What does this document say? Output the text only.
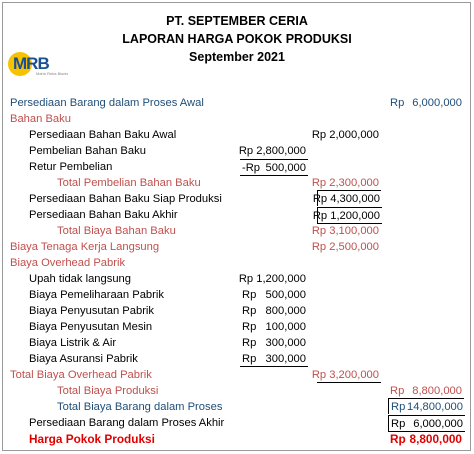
PT. SEPTEMBER CERIA
LAPORAN HARGA POKOK PRODUKSI
September 2021
MRB
Mahir Reka Bisnis
Persediaan Barang dalam Proses Awal	Rp 6,000,000
Bahan Baku
Persediaan Bahan Baku Awal	Rp 2,000,000
Pembelian Bahan Baku	Rp 2,800,000
Retur Pembelian	-Rp 500,000
Total Pembelian Bahan Baku	Rp 2,300,000
Persediaan Bahan Baku Siap Produksi	Rp 4,300,000
Persediaan Bahan Baku Akhir	Rp 1,200,000
Total Biaya Bahan Baku	Rp 3,100,000
Biaya Tenaga Kerja Langsung	Rp 2,500,000
Biaya Overhead Pabrik
Upah tidak langsung	Rp 1,200,000
Biaya Pemeliharaan Pabrik	Rp 500,000
Biaya Penyusutan Pabrik	Rp 800,000
Biaya Penyusutan Mesin	Rp 100,000
Biaya Listrik & Air	Rp 300,000
Biaya Asuransi Pabrik	Rp 300,000
Total Biaya Overhead Pabrik	Rp 3,200,000
Total Biaya Produksi	Rp 8,800,000
Total Biaya Barang dalam Proses	Rp 14,800,000
Persediaan Barang dalam Proses Akhir	Rp 6,000,000
Harga Pokok Produksi	Rp 8,800,000
